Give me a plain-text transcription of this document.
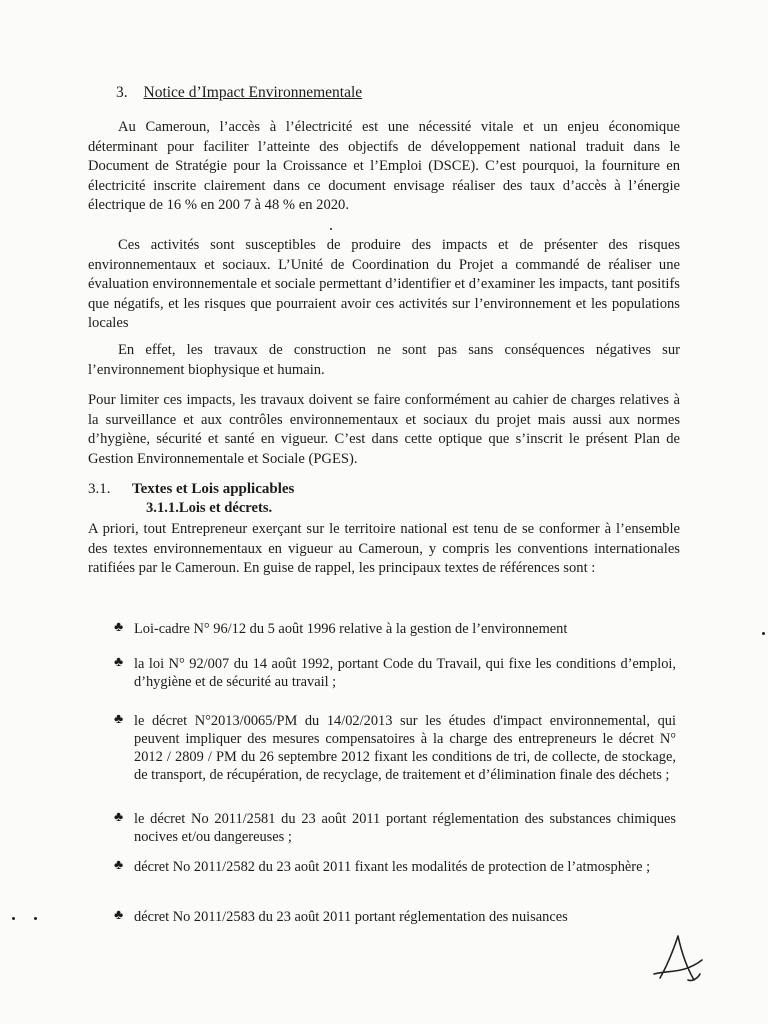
3. Notice d’Impact Environnementale

Au Cameroun, l’accès à l’électricité est une nécessité vitale et un enjeu économique déterminant pour faciliter l’atteinte des objectifs de développement national traduit dans le Document de Stratégie pour la Croissance et l’Emploi (DSCE). C’est pourquoi, la fourniture en électricité inscrite clairement dans ce document envisage réaliser des taux d’accès à l’énergie électrique de 16 % en 200 7 à 48 % en 2020.

Ces activités sont susceptibles de produire des impacts et de présenter des risques environnementaux et sociaux. L’Unité de Coordination du Projet a commandé de réaliser une évaluation environnementale et sociale permettant d’identifier et d’examiner les impacts, tant positifs que négatifs, et les risques que pourraient avoir ces activités sur l’environnement et les populations locales

En effet, les travaux de construction ne sont pas sans conséquences négatives sur l’environnement biophysique et humain.

Pour limiter ces impacts, les travaux doivent se faire conformément au cahier de charges relatives à la surveillance et aux contrôles environnementaux et sociaux du projet mais aussi aux normes d’hygiène, sécurité et santé en vigueur. C’est dans cette optique que s’inscrit le présent Plan de Gestion Environnementale et Sociale (PGES).

3.1. Textes et Lois applicables
3.1.1.Lois et décrets.

A priori, tout Entrepreneur exerçant sur le territoire national est tenu de se conformer à l’ensemble des textes environnementaux en vigueur au Cameroun, y compris les conventions internationales ratifiées par le Cameroun. En guise de rappel, les principaux textes de références sont :

♣ Loi-cadre N° 96/12 du 5 août 1996 relative à la gestion de l’environnement

♣ la loi N° 92/007 du 14 août 1992, portant Code du Travail, qui fixe les conditions d’emploi, d’hygiène et de sécurité au travail ;

♣ le décret N°2013/0065/PM du 14/02/2013 sur les études d'impact environnemental, qui peuvent impliquer des mesures compensatoires à la charge des entrepreneurs le décret N° 2012 / 2809 / PM du 26 septembre 2012 fixant les conditions de tri, de collecte, de stockage, de transport, de récupération, de recyclage, de traitement et d’élimination finale des déchets ;

♣ le décret No 2011/2581 du 23 août 2011 portant réglementation des substances chimiques nocives et/ou dangereuses ;

♣ décret No 2011/2582 du 23 août 2011 fixant les modalités de protection de l’atmosphère ;

♣ décret No 2011/2583 du 23 août 2011 portant réglementation des nuisances
